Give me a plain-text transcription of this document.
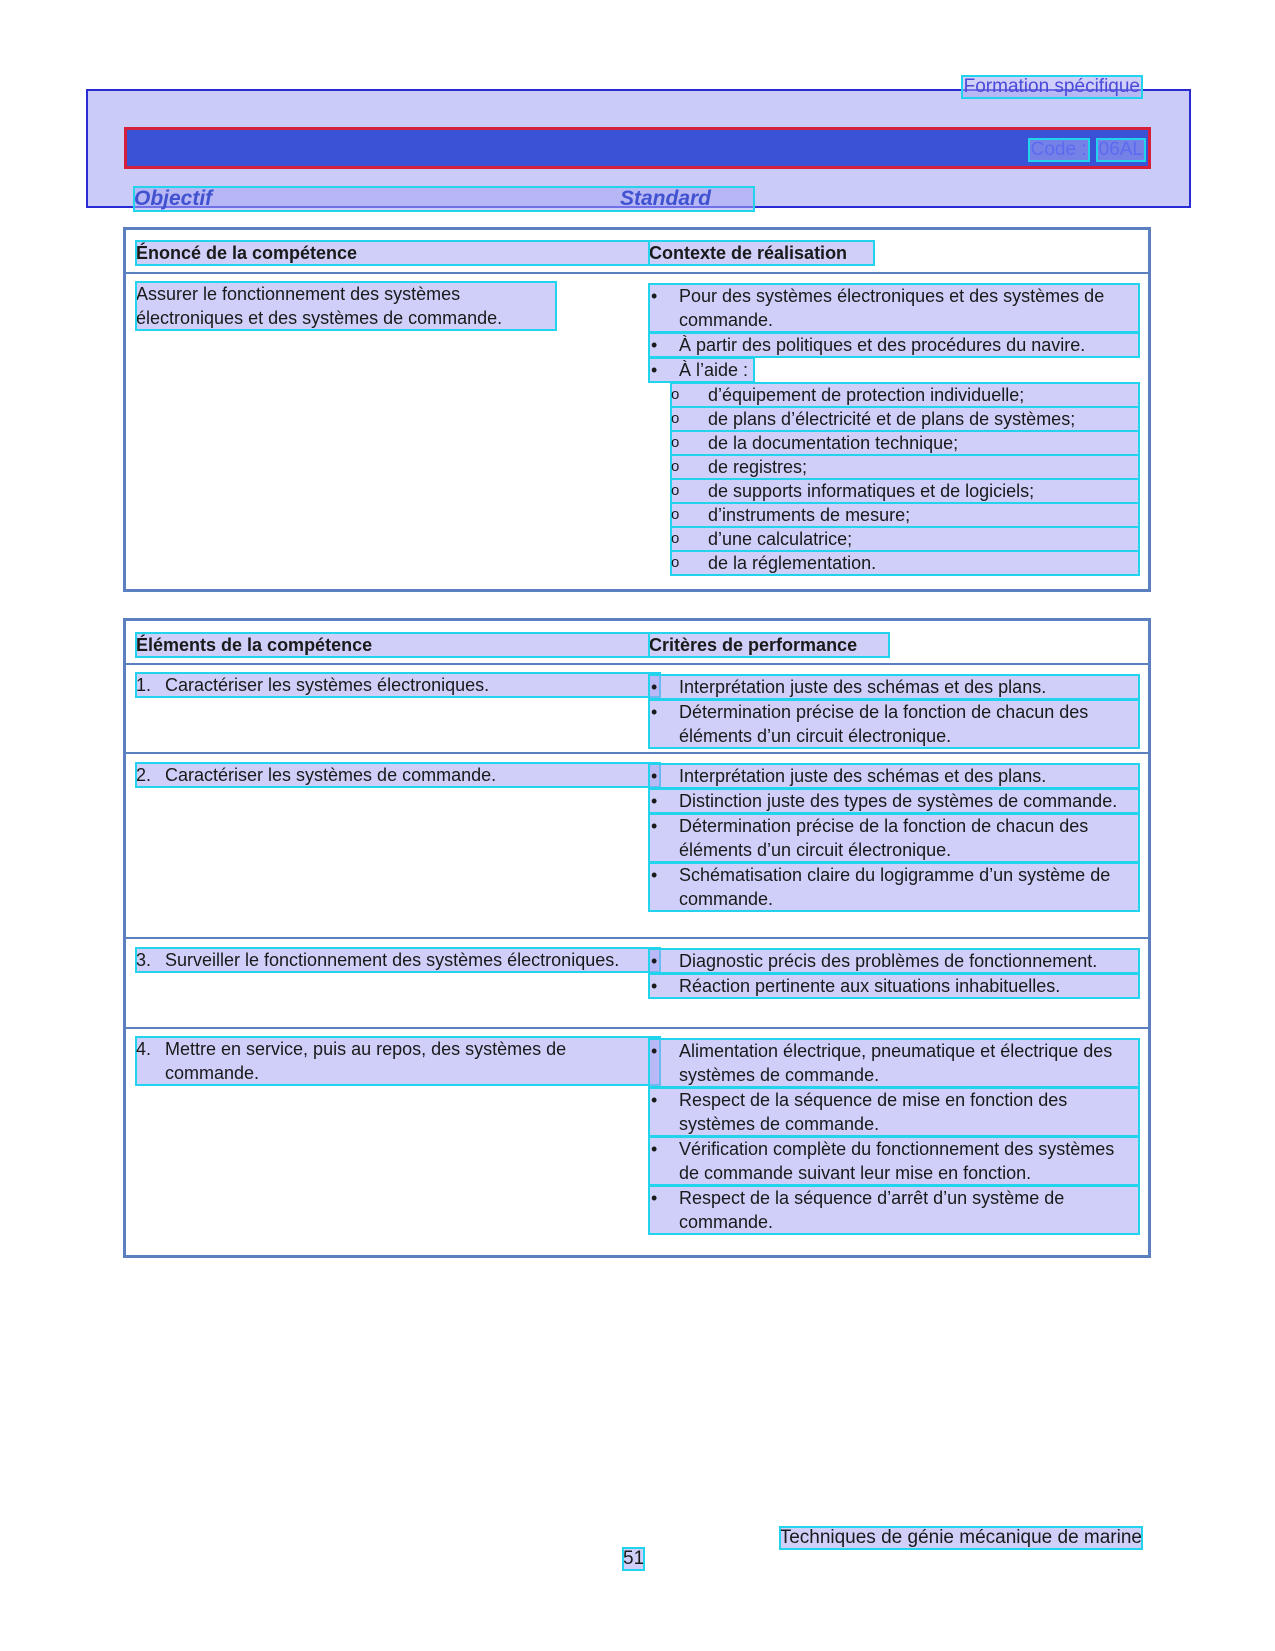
Formation spécifique
Code : 06AL
Objectif	Standard
Énoncé de la compétence	Contexte de réalisation
Assurer le fonctionnement des systèmes électroniques et des systèmes de commande.
• Pour des systèmes électroniques et des systèmes de commande.
• À partir des politiques et des procédures du navire.
• À l’aide :
o d’équipement de protection individuelle;
o de plans d’électricité et de plans de systèmes;
o de la documentation technique;
o de registres;
o de supports informatiques et de logiciels;
o d’instruments de mesure;
o d’une calculatrice;
o de la réglementation.
Éléments de la compétence	Critères de performance
1. Caractériser les systèmes électroniques.	• Interprétation juste des schémas et des plans.
• Détermination précise de la fonction de chacun des éléments d’un circuit électronique.
2. Caractériser les systèmes de commande.	• Interprétation juste des schémas et des plans.
• Distinction juste des types de systèmes de commande.
• Détermination précise de la fonction de chacun des éléments d’un circuit électronique.
• Schématisation claire du logigramme d’un système de commande.
3. Surveiller le fonctionnement des systèmes électroniques.	• Diagnostic précis des problèmes de fonctionnement.
• Réaction pertinente aux situations inhabituelles.
4. Mettre en service, puis au repos, des systèmes de commande.
• Alimentation électrique, pneumatique et électrique des systèmes de commande.
• Respect de la séquence de mise en fonction des systèmes de commande.
• Vérification complète du fonctionnement des systèmes de commande suivant leur mise en fonction.
• Respect de la séquence d’arrêt d’un système de commande.
Techniques de génie mécanique de marine
51
